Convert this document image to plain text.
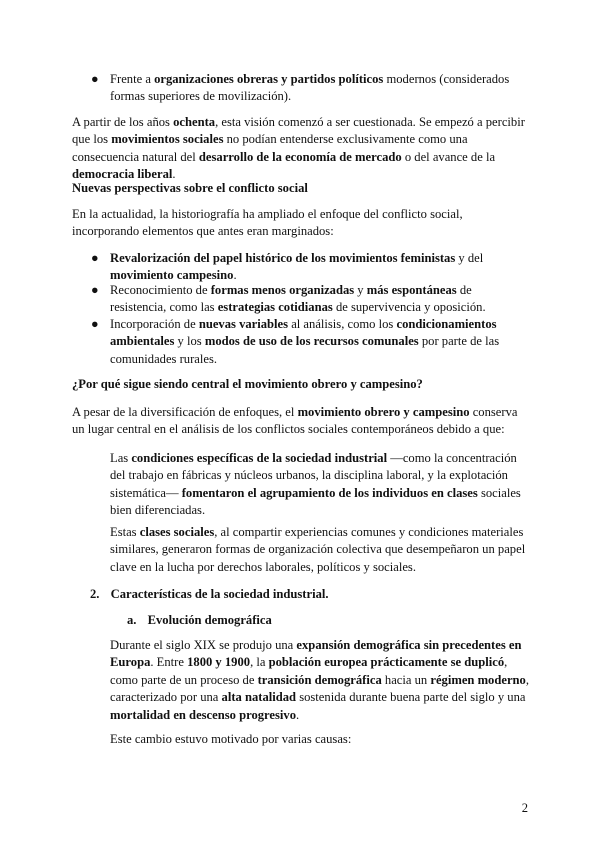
● Frente a organizaciones obreras y partidos políticos modernos (considerados formas superiores de movilización).

A partir de los años ochenta, esta visión comenzó a ser cuestionada. Se empezó a percibir que los movimientos sociales no podían entenderse exclusivamente como una consecuencia natural del desarrollo de la economía de mercado o del avance de la democracia liberal.

Nuevas perspectivas sobre el conflicto social

En la actualidad, la historiografía ha ampliado el enfoque del conflicto social, incorporando elementos que antes eran marginados:

● Revalorización del papel histórico de los movimientos feministas y del movimiento campesino.
● Reconocimiento de formas menos organizadas y más espontáneas de resistencia, como las estrategias cotidianas de supervivencia y oposición.
● Incorporación de nuevas variables al análisis, como los condicionamientos ambientales y los modos de uso de los recursos comunales por parte de las comunidades rurales.

¿Por qué sigue siendo central el movimiento obrero y campesino?

A pesar de la diversificación de enfoques, el movimiento obrero y campesino conserva un lugar central en el análisis de los conflictos sociales contemporáneos debido a que:

Las condiciones específicas de la sociedad industrial —como la concentración del trabajo en fábricas y núcleos urbanos, la disciplina laboral, y la explotación sistemática— fomentaron el agrupamiento de los individuos en clases sociales bien diferenciadas.

Estas clases sociales, al compartir experiencias comunes y condiciones materiales similares, generaron formas de organización colectiva que desempeñaron un papel clave en la lucha por derechos laborales, políticos y sociales.

2. Características de la sociedad industrial.
a. Evolución demográfica

Durante el siglo XIX se produjo una expansión demográfica sin precedentes en Europa. Entre 1800 y 1900, la población europea prácticamente se duplicó, como parte de un proceso de transición demográfica hacia un régimen moderno, caracterizado por una alta natalidad sostenida durante buena parte del siglo y una mortalidad en descenso progresivo.

Este cambio estuvo motivado por varias causas:

2
